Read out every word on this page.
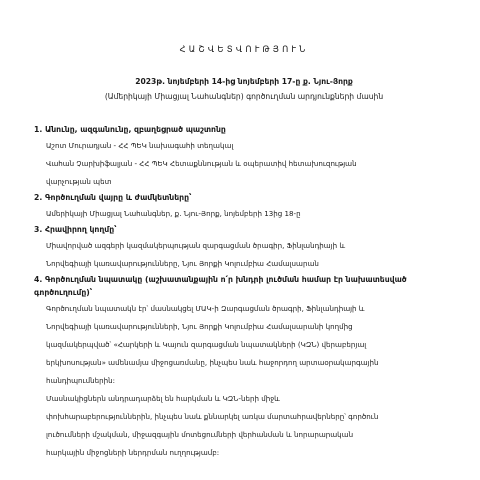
ՀԱՇՎԵՏՎՈՒԹՅՈՒՆ

2023թ. նոյեմբերի 14-ից նոյեմբերի 17-ը ք. Նյու-Յորք

(Ամերիկայի Միացյալ Նահանգներ) գործուղման արդյունքների մասին

1. Անունը, ազգանունը, զբաղեցրած պաշտոնը

Աշոտ Մուրադյան - ՀՀ ՊԵԿ նախագահի տեղակալ

Վահան Չարխիֆալյան - ՀՀ ՊԵԿ Հետաքննության և օպերատիվ հետախուզության

վարչության պետ

2. Գործուղման վայրը և ժամկետները՝

Ամերիկայի Միացյալ Նահանգներ, ք. Նյու-Յորք, նոյեմբերի 13ից 18-ը

3. Հրավիրող կողմը՝

Միավորված ազգերի կազմակերպության զարգացման ծրագիր, Ֆինլանդիայի և

Նորվեգիայի կառավարությունները, Նյու Յորքի Կոլումբիա Համալսարան

4. Գործուղման նպատակը (աշխատանքային ո՛ր խնդրի լուծման համար էր նախատեսված

գործուղումը)՝

Գործուղման նպատակն էր՝ մասնակցել ՄԱԿ-ի Զարգացման ծրագրի, Ֆինլանդիայի և

Նորվեգիայի կառավարությունների, Նյու Յորքի Կոլումբիա Համալսարանի կողմից

կազմակերպված՝ «Հարկերի և Կայուն զարգացման նպատակների (ԿԶՆ) վերաբերյալ

երկխոսության» ամենամյա միջոցառմանը, ինչպես նաև հաջորդող արտաօրակարգային

հանդիպումներին:

Մասնակիցներն անդրադարձել են հարկման և ԿԶՆ-ների միջև

փոխհարաբերություններին, ինչպես նաև քննարկել առկա մարտահրավերները՝ գործուն

լուծումների մշակման, միջազգային մոտեցումների վերհանման և նորարարական

հարկային միջոցների ներդրման ուղղությամբ:
